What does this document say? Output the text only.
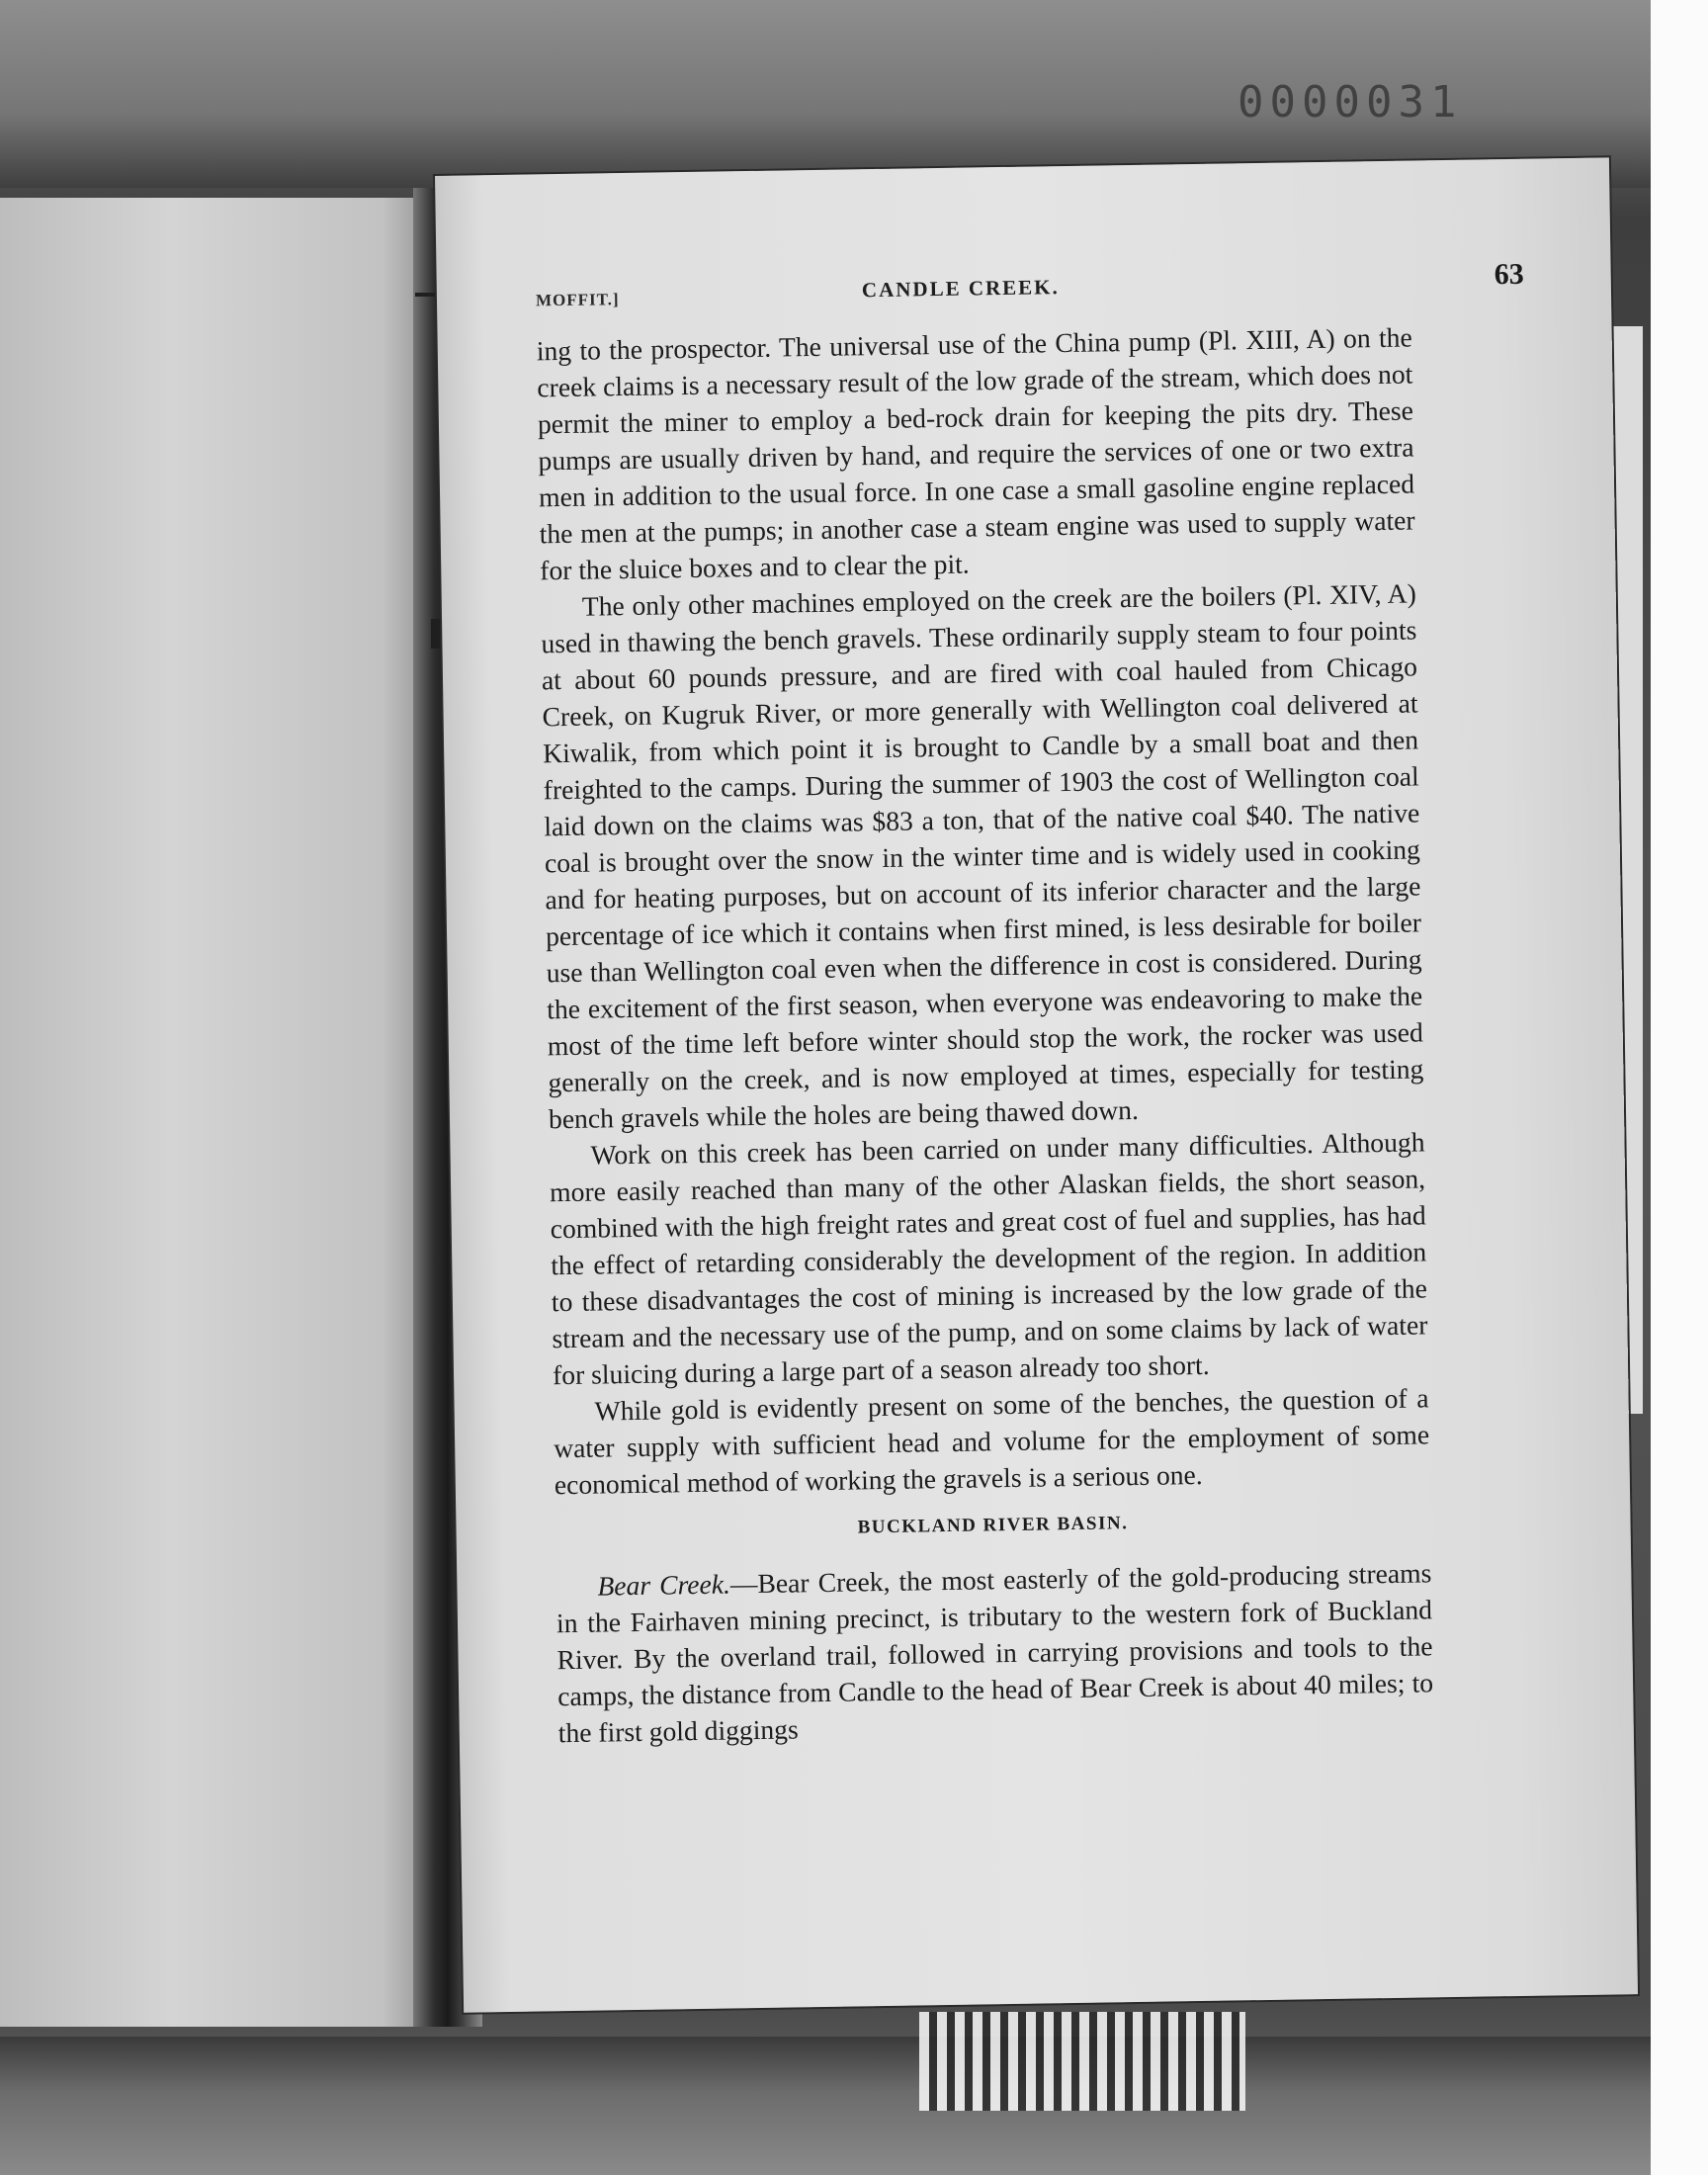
0000031
MOFFIT.]	CANDLE CREEK.	63

ing to the prospector. The universal use of the China pump (Pl. XIII, A) on the creek claims is a necessary result of the low grade of the stream, which does not permit the miner to employ a bed-rock drain for keeping the pits dry. These pumps are usually driven by hand, and require the services of one or two extra men in addition to the usual force. In one case a small gasoline engine replaced the men at the pumps; in another case a steam engine was used to supply water for the sluice boxes and to clear the pit.

The only other machines employed on the creek are the boilers (Pl. XIV, A) used in thawing the bench gravels. These ordinarily supply steam to four points at about 60 pounds pressure, and are fired with coal hauled from Chicago Creek, on Kugruk River, or more generally with Wellington coal delivered at Kiwalik, from which point it is brought to Candle by a small boat and then freighted to the camps. During the summer of 1903 the cost of Wellington coal laid down on the claims was $83 a ton, that of the native coal $40. The native coal is brought over the snow in the winter time and is widely used in cooking and for heating purposes, but on account of its inferior character and the large percentage of ice which it contains when first mined, is less desirable for boiler use than Wellington coal even when the difference in cost is considered. During the excitement of the first season, when everyone was endeavoring to make the most of the time left before winter should stop the work, the rocker was used generally on the creek, and is now employed at times, especially for testing bench gravels while the holes are being thawed down.

Work on this creek has been carried on under many difficulties. Although more easily reached than many of the other Alaskan fields, the short season, combined with the high freight rates and great cost of fuel and supplies, has had the effect of retarding considerably the development of the region. In addition to these disadvantages the cost of mining is increased by the low grade of the stream and the necessary use of the pump, and on some claims by lack of water for sluicing during a large part of a season already too short.

While gold is evidently present on some of the benches, the question of a water supply with sufficient head and volume for the employment of some economical method of working the gravels is a serious one.

BUCKLAND RIVER BASIN.

Bear Creek.—Bear Creek, the most easterly of the gold-producing streams in the Fairhaven mining precinct, is tributary to the western fork of Buckland River. By the overland trail, followed in carrying provisions and tools to the camps, the distance from Candle to the head of Bear Creek is about 40 miles; to the first gold diggings
